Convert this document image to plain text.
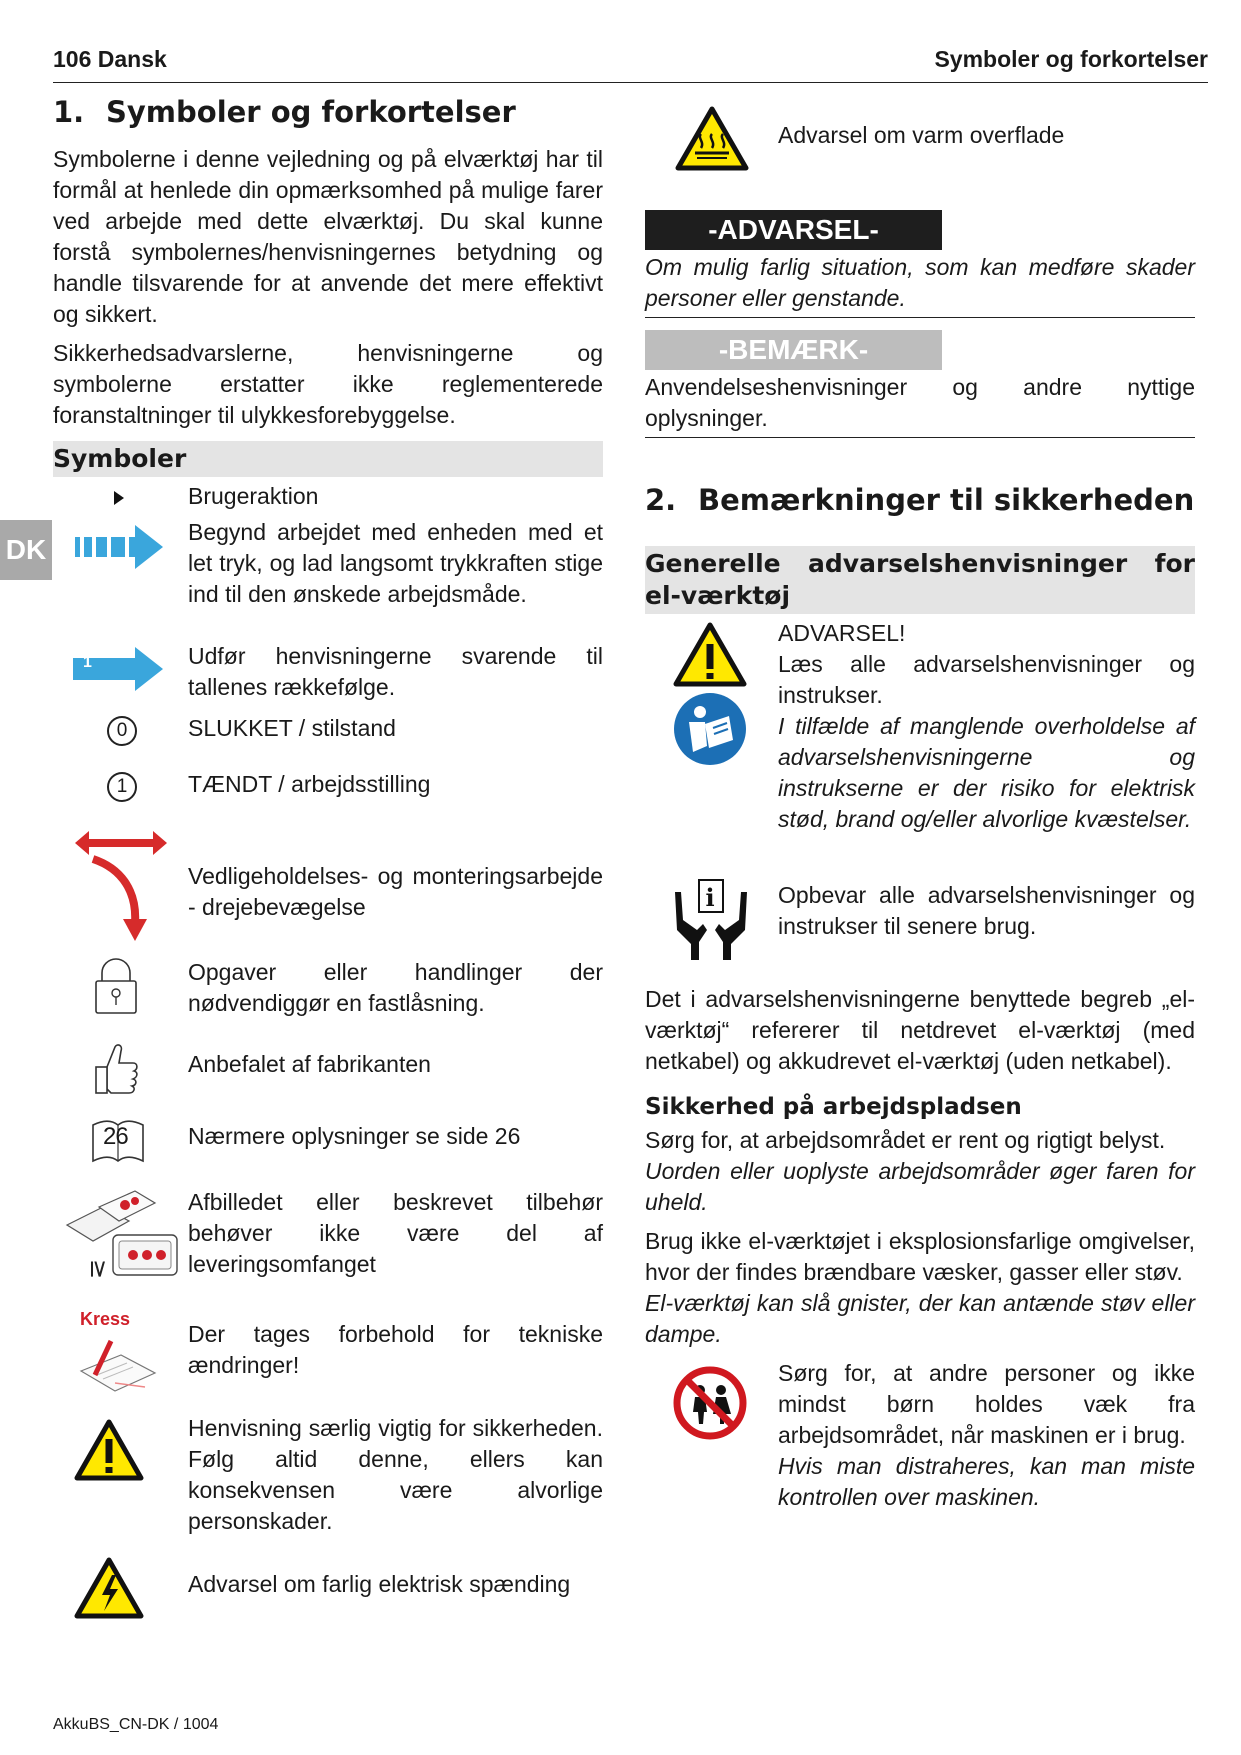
106 Dansk	Symboler og forkortelser
DK
1. Symboler og forkortelser

Symbolerne i denne vejledning og på elværktøj har til formål at henlede din opmærksomhed på mulige farer ved arbejde med dette elværktøj. Du skal kunne forstå symbolernes/henvisningernes betydning og handle tilsvarende for at anvende det mere effektivt og sikkert.

Sikkerhedsadvarslerne, henvisningerne og symbolerne erstatter ikke reglementerede foranstaltninger til ulykkesforebyggelse.

Symboler

Brugeraktion

Begynd arbejdet med enheden med et let tryk, og lad langsomt trykkraften stige ind til den ønskede arbejdsmåde.

1	Udfør henvisningerne svarende til tallenes rækkefølge.

0	SLUKKET / stilstand

1	TÆNDT / arbejdsstilling

Vedligeholdelses- og monteringsarbejde - drejebevægelse

Opgaver eller handlinger der nødvendiggør en fastlåsning.

Anbefalet af fabrikanten

26	Nærmere oplysninger se side 26

≥

Afbilledet eller beskrevet tilbehør behøver ikke være del af leveringsomfanget

Kress

Der tages forbehold for tekniske ændringer!

Henvisning særlig vigtig for sikkerheden. Følg altid denne, ellers kan konsekvensen være alvorlige personskader.

Advarsel om farlig elektrisk spænding

Advarsel om varm overflade

-ADVARSEL-

Om mulig farlig situation, som kan medføre skader personer eller genstande.

-BEMÆRK-

Anvendelseshenvisninger og andre nyttige oplysninger.

2. Bemærkninger til sikkerheden
Generelle advarselshenvisninger for el-værktøj

ADVARSEL!

Læs alle advarselshenvisninger og instrukser.

I tilfælde af manglende overholdelse af advarselshenvisningerne og instrukserne er der risiko for elektrisk stød, brand og/eller alvorlige kvæstelser.

i	Opbevar alle advarselshenvisninger og instrukser til senere brug.

Det i advarselshenvisningerne benyttede begreb „el-værktøj“ refererer til netdrevet el-værktøj (med netkabel) og akkudrevet el-værktøj (uden netkabel).

Sikkerhed på arbejdspladsen

Sørg for, at arbejdsområdet er rent og rigtigt belyst.

Uorden eller uoplyste arbejdsområder øger faren for uheld.

Brug ikke el-værktøjet i eksplosionsfarlige omgivelser, hvor der findes brændbare væsker, gasser eller støv.

El-værktøj kan slå gnister, der kan antænde støv eller dampe.

Sørg for, at andre personer og ikke mindst børn holdes væk fra arbejdsområdet, når maskinen er i brug.

Hvis man distraheres, kan man miste kontrollen over maskinen.

AkkuBS_CN-DK / 1004
